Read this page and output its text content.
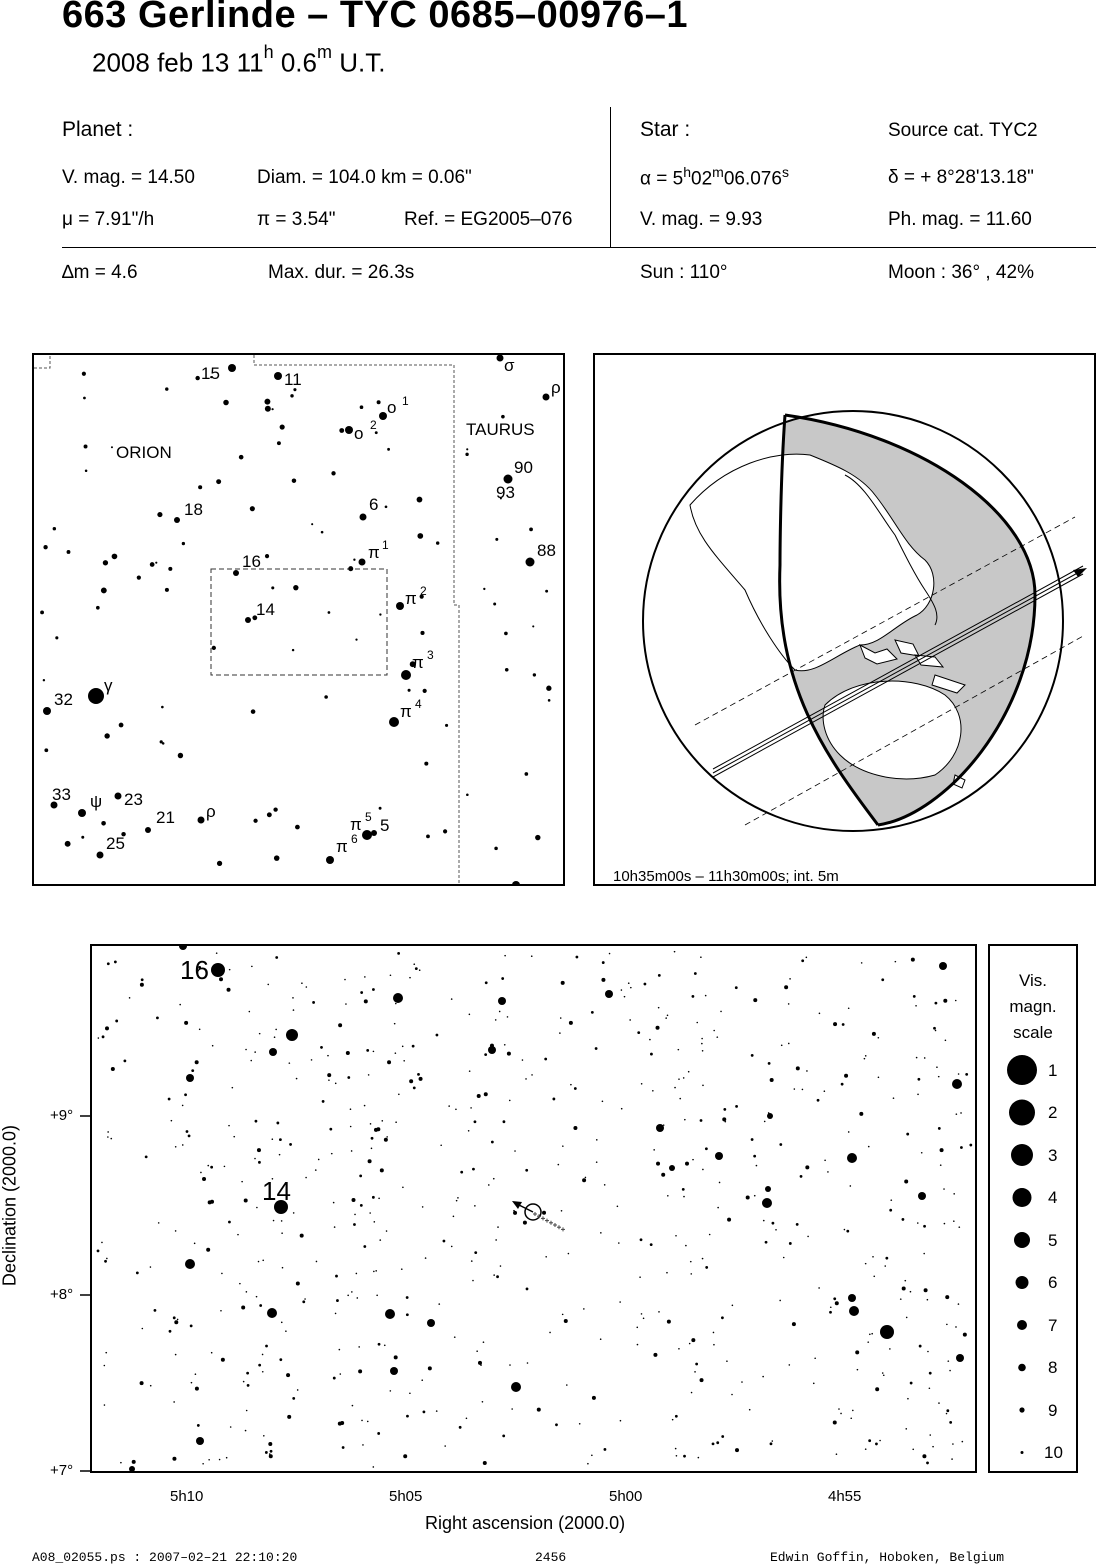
663 Gerlinde – TYC 0685–00976–1
2008 feb 13 11$^h$ 0.6$^m$ U.T.
Planet :
V. mag. = 14.50	Diam. = 104.0 km = 0.06"
μ = 7.91"/h	π = 3.54"	Ref. = EG2005–076
∆m = 4.6	Max. dur. = 26.3s
Star :	Source cat. TYC2
$\alpha = 5^h02^m06.076^s$	δ = + 8°28'13.18"
V. mag. = 9.93	Ph. mag. = 11.60
Sun : 110°	Moon : 36° , 42%
ORION
TAURUS
15	11
σ
ρ
ο 1
ο 2
90
93
6
18
16
14
88
π 1
π 2
π 3
π 4
32
γ
33 ψ 23
21 ρ
25
π 5 5
π 6
10h35m00s – 11h30m00s; int. 5m
16
14
+9°
+8°
+7°
5h10	5h05	5h00	4h55
Right ascension (2000.0)
Declination (2000.0)
Vis.
magn.
scale
1
2
3
4
5
6
7
8
9
10
A08_02055.ps : 2007–02–21 22:10:20	2456	Edwin Goffin, Hoboken, Belgium
